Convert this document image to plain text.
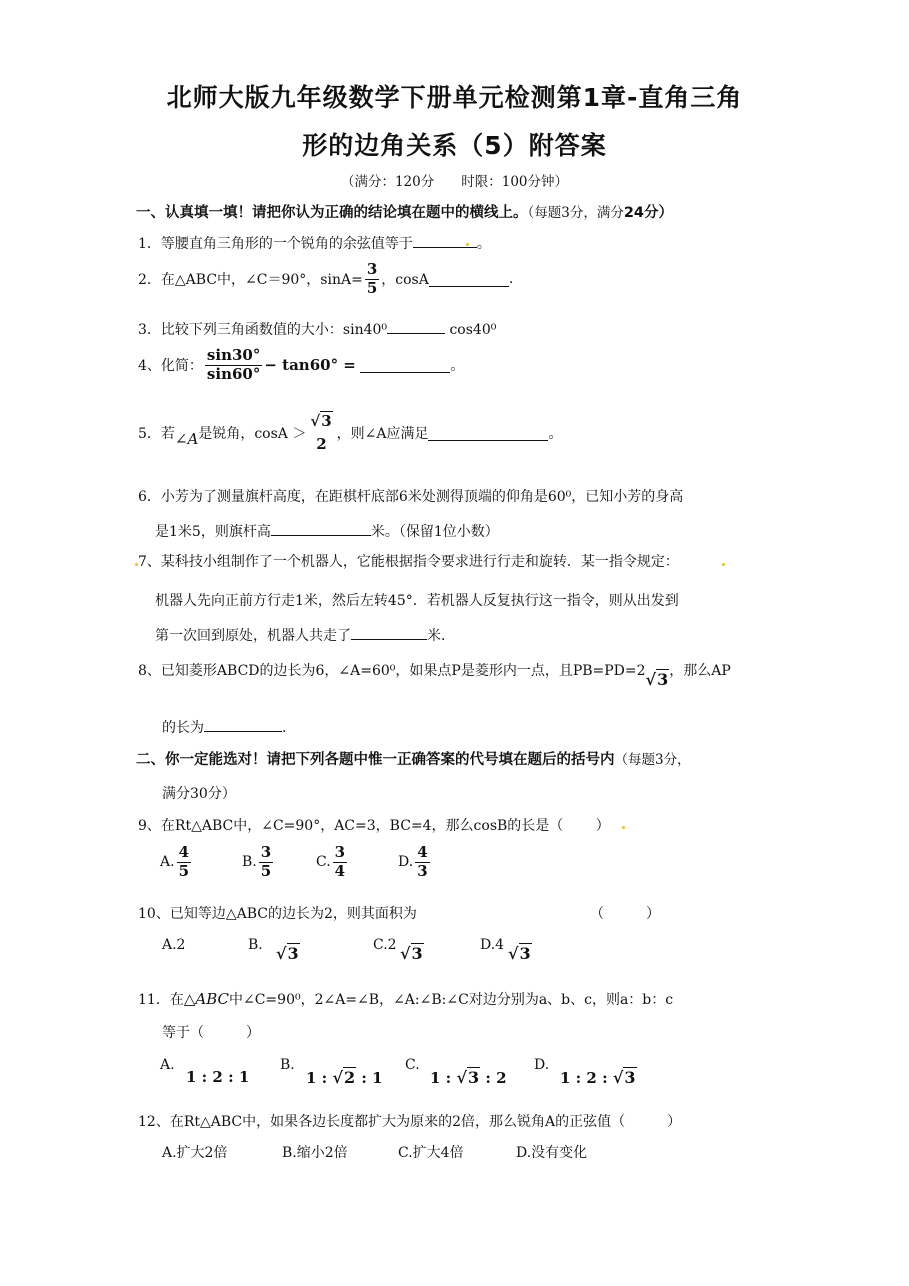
北师大版九年级数学下册单元检测第1章-直角三角
形的边角关系（5）附答案
（满分：120分　　时限：100分钟）
一、认真填一填！请把你认为正确的结论填在题中的横线上。（每题3分，满分24分）
1．等腰直角三角形的一个锐角的余弦值等于	。
2．在△ABC中，∠C＝90°，$\sin A= \frac{3}{5}$ ，cosA	.
3．比较下列三角函数值的大小：sin40⁰	cos40⁰
4、化简： $\frac{\sin 30^\circ}{\sin 60^\circ} - \tan 60^\circ$ =
	。
5．若 ∠A 是锐角，cosA ＞
√3
2
，则∠A应满足	。
6．小芳为了测量旗杆高度，在距棋杆底部6米处测得顶端的仰角是60⁰，已知小芳的身高
是1米5，则旗杆高	米。（保留1位小数）
7、某科技小组制作了一个机器人，它能根据指令要求进行行走和旋转．某一指令规定：
机器人先向正前方行走1米，然后左转45°．若机器人反复执行这一指令，则从出发到
第一次回到原处，机器人共走了	米．
8、已知菱形ABCD的边长为6，∠A=60⁰，如果点P是菱形内一点，且PB=PD=2 √3 ，那么AP
的长为	.
二、你一定能选对！请把下列各题中惟一正确答案的代号填在题后的括号内（每题3分，
满分30分）
9、在Rt△ABC中，∠C=90°，AC=3，BC=4，那么cosB的长是（　　 ）
A. $\frac{4}{5}$	B. $\frac{3}{5}$	C. $\frac{3}{4}$	D. $\frac{4}{3}$
10、已知等边△ABC的边长为2，则其面积为	（　　　）
A.2	B. √3	C.2 √3	D.4 √3
11．在△ABC中∠C=90⁰，2∠A=∠B，∠A:∠B:∠C对边分别为a、b、c，则a：b：c
等于（　　　）
A.
1 : 2 : 1
B.
1 : √2 : 1
C.
1 : √3 : 2
D.
1 : 2 : √3
12、在Rt△ABC中，如果各边长度都扩大为原来的2倍，那么锐角A的正弦值（　　　）
A.扩大2倍	B.缩小2倍	C.扩大4倍	D.没有变化
